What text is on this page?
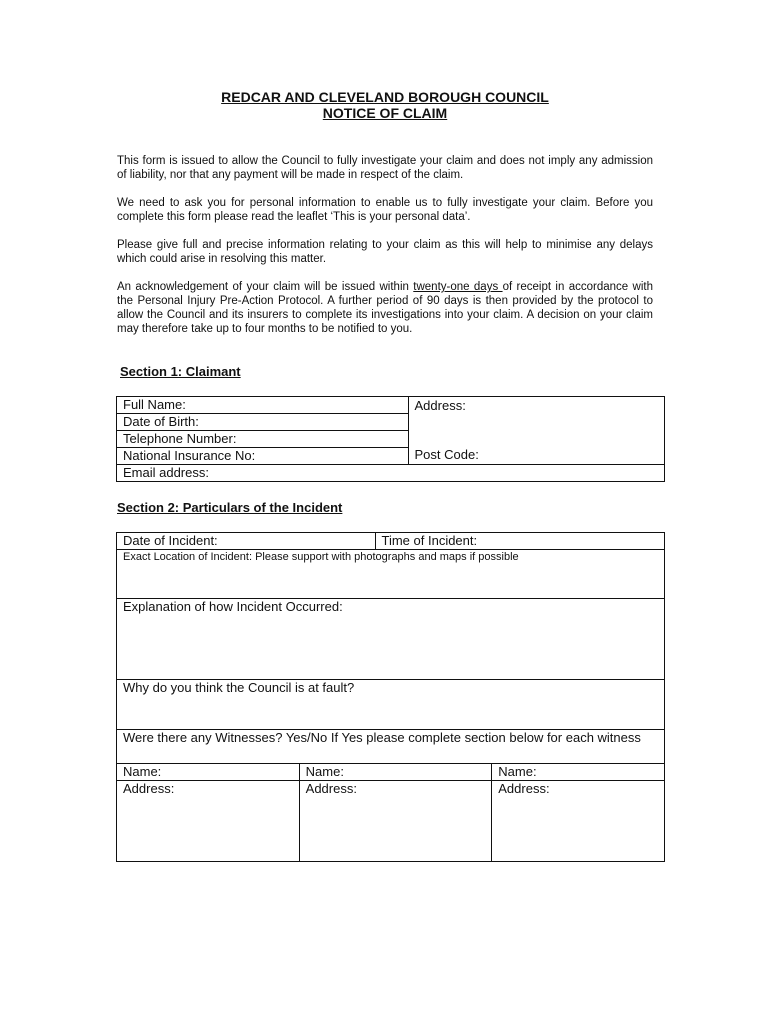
REDCAR AND CLEVELAND BOROUGH COUNCIL
NOTICE OF CLAIM
This form is issued to allow the Council to fully investigate your claim and does not imply any admission of liability, nor that any payment will be made in respect of the claim.
We need to ask you for personal information to enable us to fully investigate your claim. Before you complete this form please read the leaflet ‘This is your personal data’.
Please give full and precise information relating to your claim as this will help to minimise any delays which could arise in resolving this matter.
An acknowledgement of your claim will be issued within twenty-one days of receipt in accordance with the Personal Injury Pre-Action Protocol. A further period of 90 days is then provided by the protocol to allow the Council and its insurers to complete its investigations into your claim. A decision on your claim may therefore take up to four months to be notified to you.
Section 1: Claimant
Full Name:	Address:
Post Code:

Date of Birth:
Telephone Number:
National Insurance No:
Email address:
Section 2: Particulars of the Incident
Date of Incident:		Time of Incident:	
Exact Location of Incident: Please support with photographs and maps if possible			
Explanation of how Incident Occurred:			
Why do you think the Council is at fault?			
Were there any Witnesses? Yes/No If Yes please complete section below for each witness			
Name:	Name:		Name:
Address:	Address:		Address:
